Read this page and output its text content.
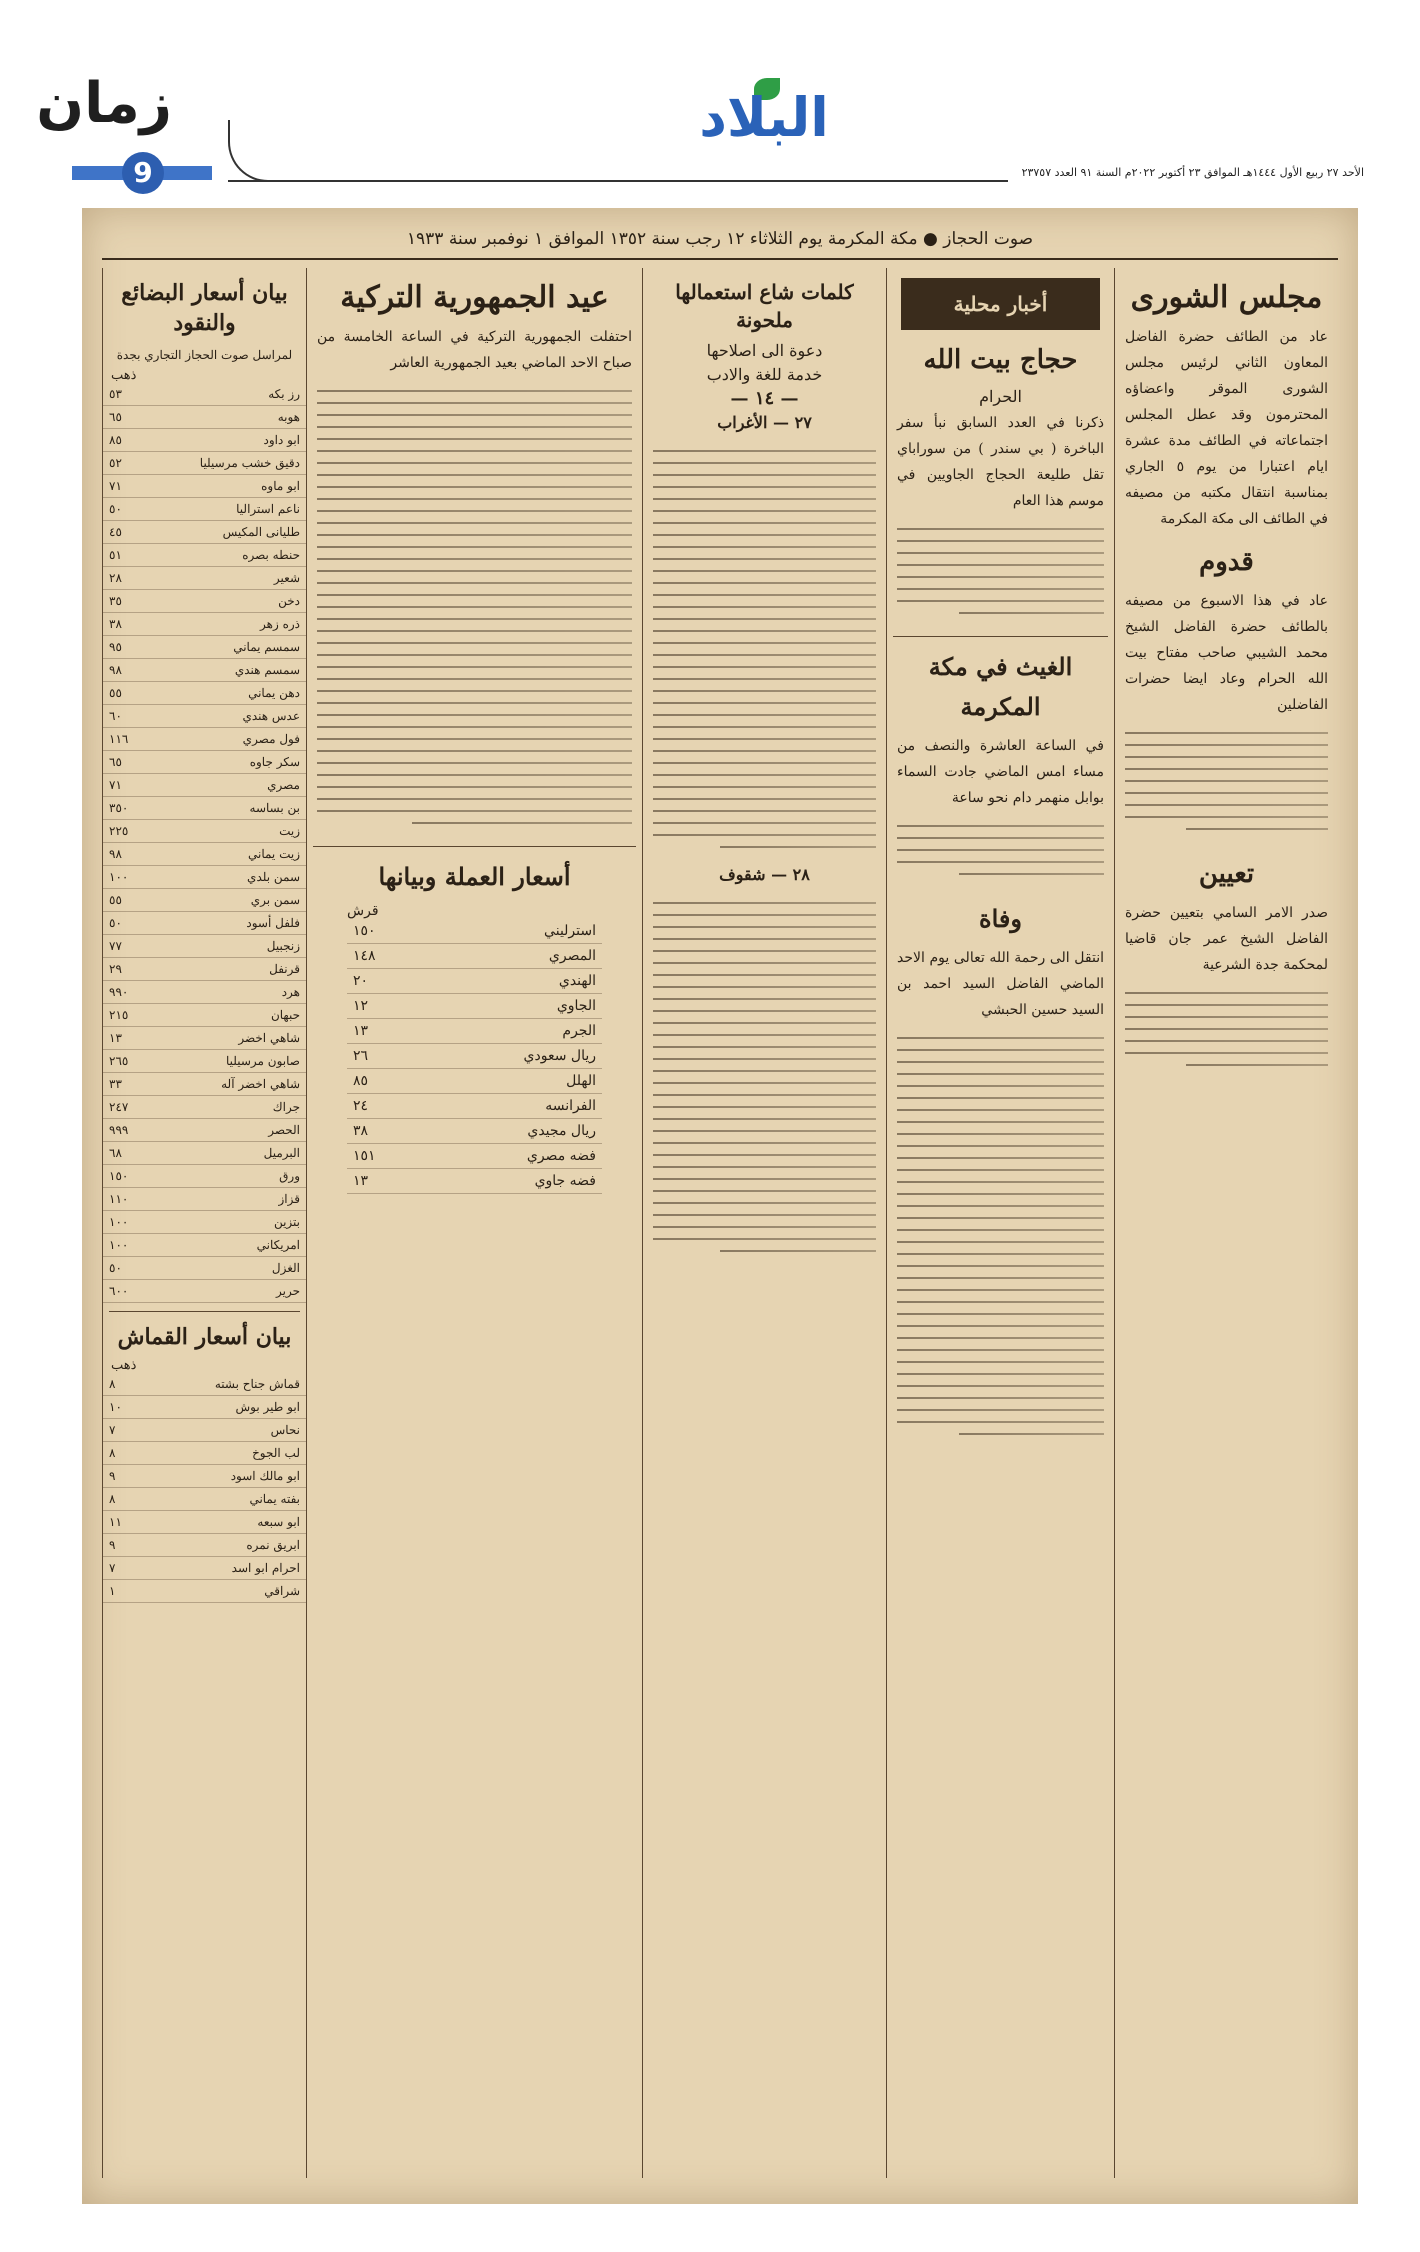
زمان
9
البلاد
الأحد ٢٧ ربيع الأول ١٤٤٤هـ الموافق ٢٣ أكتوبر ٢٠٢٢م السنة ٩١ العدد ٢٣٧٥٧
صوت الحجاز ● مكة المكرمة يوم الثلاثاء ١٢ رجب سنة ١٣٥٢ الموافق ١ نوفمبر سنة ١٩٣٣
مجلس الشورى
عاد من الطائف حضرة الفاضل المعاون الثاني لرئيس مجلس الشورى الموقر واعضاؤه المحترمون وقد عطل المجلس اجتماعاته في الطائف مدة عشرة ايام اعتبارا من يوم ٥ الجاري بمناسبة انتقال مكتبه من مصيفه في الطائف الى مكة المكرمة
قدوم
عاد في هذا الاسبوع من مصيفه بالطائف حضرة الفاضل الشيخ محمد الشيبي صاحب مفتاح بيت الله الحرام وعاد ايضا حضرات الفاضلين
تعيين
صدر الامر السامي بتعيين حضرة الفاضل الشيخ عمر جان قاضيا لمحكمة جدة الشرعية
أخبار محلية
حجاج بيت الله
الحرام
ذكرنا في العدد السابق نبأ سفر الباخرة ( بي سندر ) من سوراباي تقل طليعة الحجاج الجاويين في موسم هذا العام
الغيث في مكة المكرمة
في الساعة العاشرة والنصف من مساء امس الماضي جادت السماء بوابل منهمر دام نحو ساعة
وفاة
انتقل الى رحمة الله تعالى يوم الاحد الماضي الفاضل السيد احمد بن السيد حسين الحبشي
كلمات شاع استعمالها ملحونة
دعوة الى اصلاحها
خدمة للغة والادب
— ١٤ —
٢٧ — الأغراب
٢٨ — شقوف
عيد الجمهورية التركية
احتفلت الجمهورية التركية في الساعة الخامسة من صباح الاحد الماضي بعيد الجمهورية العاشر
أسعار العملة وبيانها
قرش
استرليني	١٥٠
المصري	١٤٨
الهندي	٢٠
الجاوي	١٢
الجرم	١٣
ريال سعودي	٢٦
الهلل	٨٥
الفرانسه	٢٤
ريال مجيدي	٣٨
فضه مصري	١٥١
فضه جاوي	١٣
بيان أسعار البضائع والنقود
لمراسل صوت الحجاز التجاري بجدة
ذهب
رز بكه	٥٣
هوبه	٦٥
ابو داود	٨٥
دقيق خشب مرسيليا	٥٢
ابو ماوه	٧١
ناعم استراليا	٥٠
طليانى المكيس	٤٥
حنطه بصره	٥١
شعير	٢٨
دخن	٣٥
ذره زهر	٣٨
سمسم يماني	٩٥
سمسم هندي	٩٨
دهن يماني	٥٥
عدس هندي	٦٠
فول مصري	١١٦
سكر جاوه	٦٥
مصري	٧١
بن بساسه	٣٥٠
زيت	٢٢٥
زيت يماني	٩٨
سمن بلدي	١٠٠
سمن بري	٥٥
فلفل أسود	٥٠
زنجبيل	٧٧
قرنفل	٢٩
هرد	٩٩٠
حبهان	٢١٥
شاهي اخضر	١٣
صابون مرسيليا	٢٦٥
شاهي اخضر آله	٣٣
جراك	٢٤٧
الحصر	٩٩٩
البرميل	٦٨
ورق	١٥٠
قزاز	١١٠
بتزين	١٠٠
امريكاني	١٠٠
الغزل	٥٠
حرير	٦٠٠
بيان أسعار القماش
ذهب
قماش جناح بشته	٨
ابو طير بوش	١٠
نحاس	٧
لب الجوخ	٨
ابو مالك اسود	٩
بفته يماني	٨
ابو سبعه	١١
ابريق نمره	٩
احرام ابو اسد	٧
شراقي	١
